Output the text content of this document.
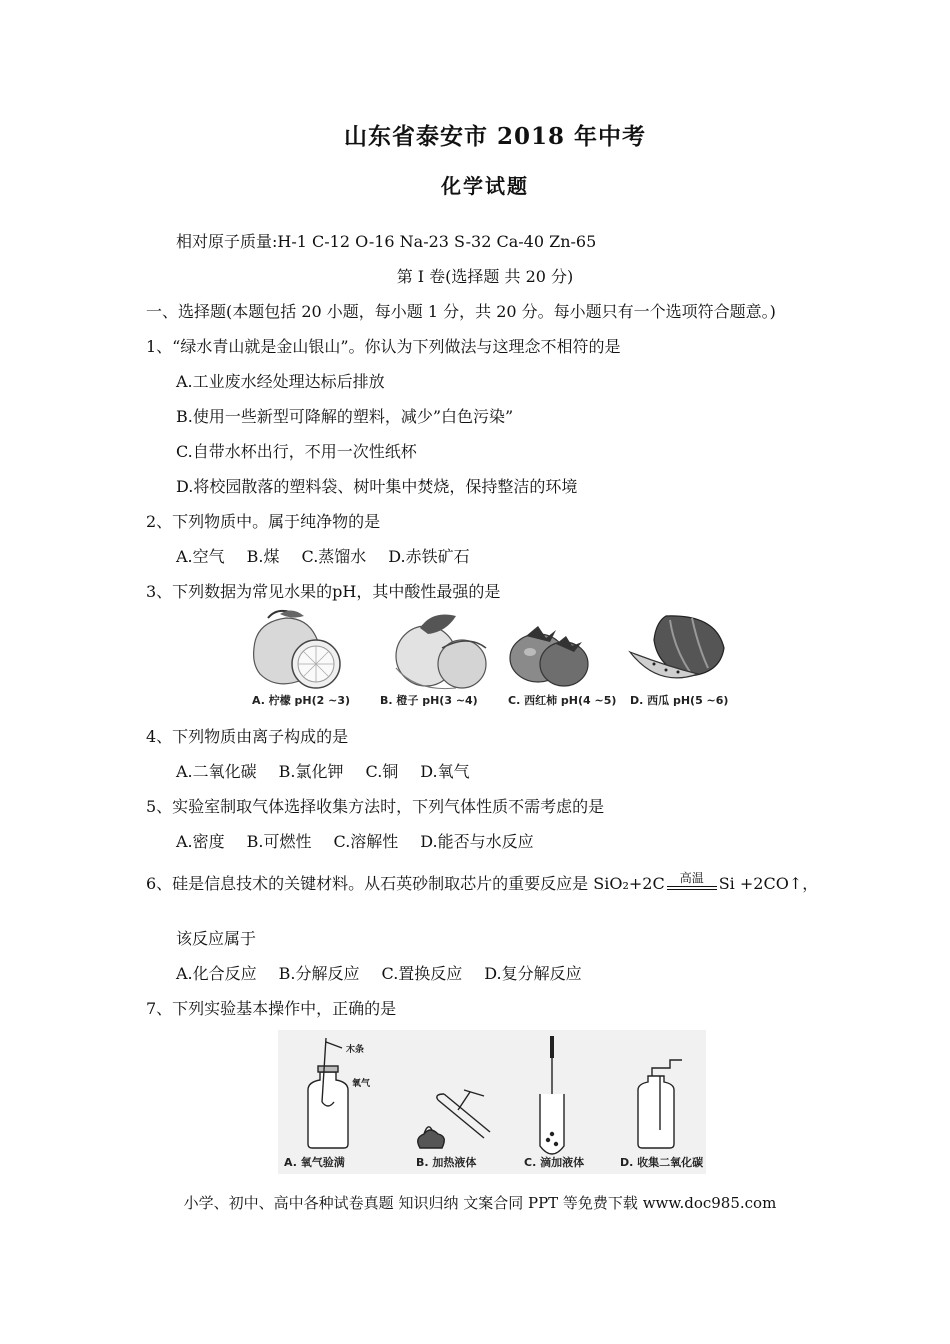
山东省泰安市 2018 年中考
化学试题
相对原子质量:H-1 C-12 O-16 Na-23 S-32 Ca-40 Zn-65
第 I 卷(选择题 共 20 分)
一、选择题(本题包括 20 小题，每小题 1 分，共 20 分。每小题只有一个选项符合题意。)
1、“绿水青山就是金山银山”。你认为下列做法与这理念不相符的是
A.工业废水经处理达标后排放
B.使用一些新型可降解的塑料，减少”白色污染”
C.自带水杯出行，不用一次性纸杯
D.将校园散落的塑料袋、树叶集中焚烧，保持整洁的环境
2、下列物质中。属于纯净物的是
A.空气 B.煤 C.蒸馏水 D.赤铁矿石
3、下列数据为常见水果的pH，其中酸性最强的是
A. 柠檬 pH(2 ~3)	B. 橙子 pH(3 ~4)	C. 西红柿 pH(4 ~5) D. 西瓜 pH(5 ~6)
4、下列物质由离子构成的是
A.二氧化碳 B.氯化钾 C.铜 D.氧气
5、实验室制取气体选择收集方法时，下列气体性质不需考虑的是
A.密度 B.可燃性 C.溶解性 D.能否与水反应
6、硅是信息技术的关键材料。从石英砂制取芯片的重要反应是 SiO₂+2C	高温 Si +2CO↑，
该反应属于
A.化合反应 B.分解反应 C.置换反应 D.复分解反应
7、下列实验基本操作中，正确的是
木条
氧气
A. 氧气验满	B. 加热液体	C. 滴加液体	D. 收集二氧化碳
小学、初中、高中各种试卷真题 知识归纳 文案合同 PPT 等免费下载 www.doc985.com
